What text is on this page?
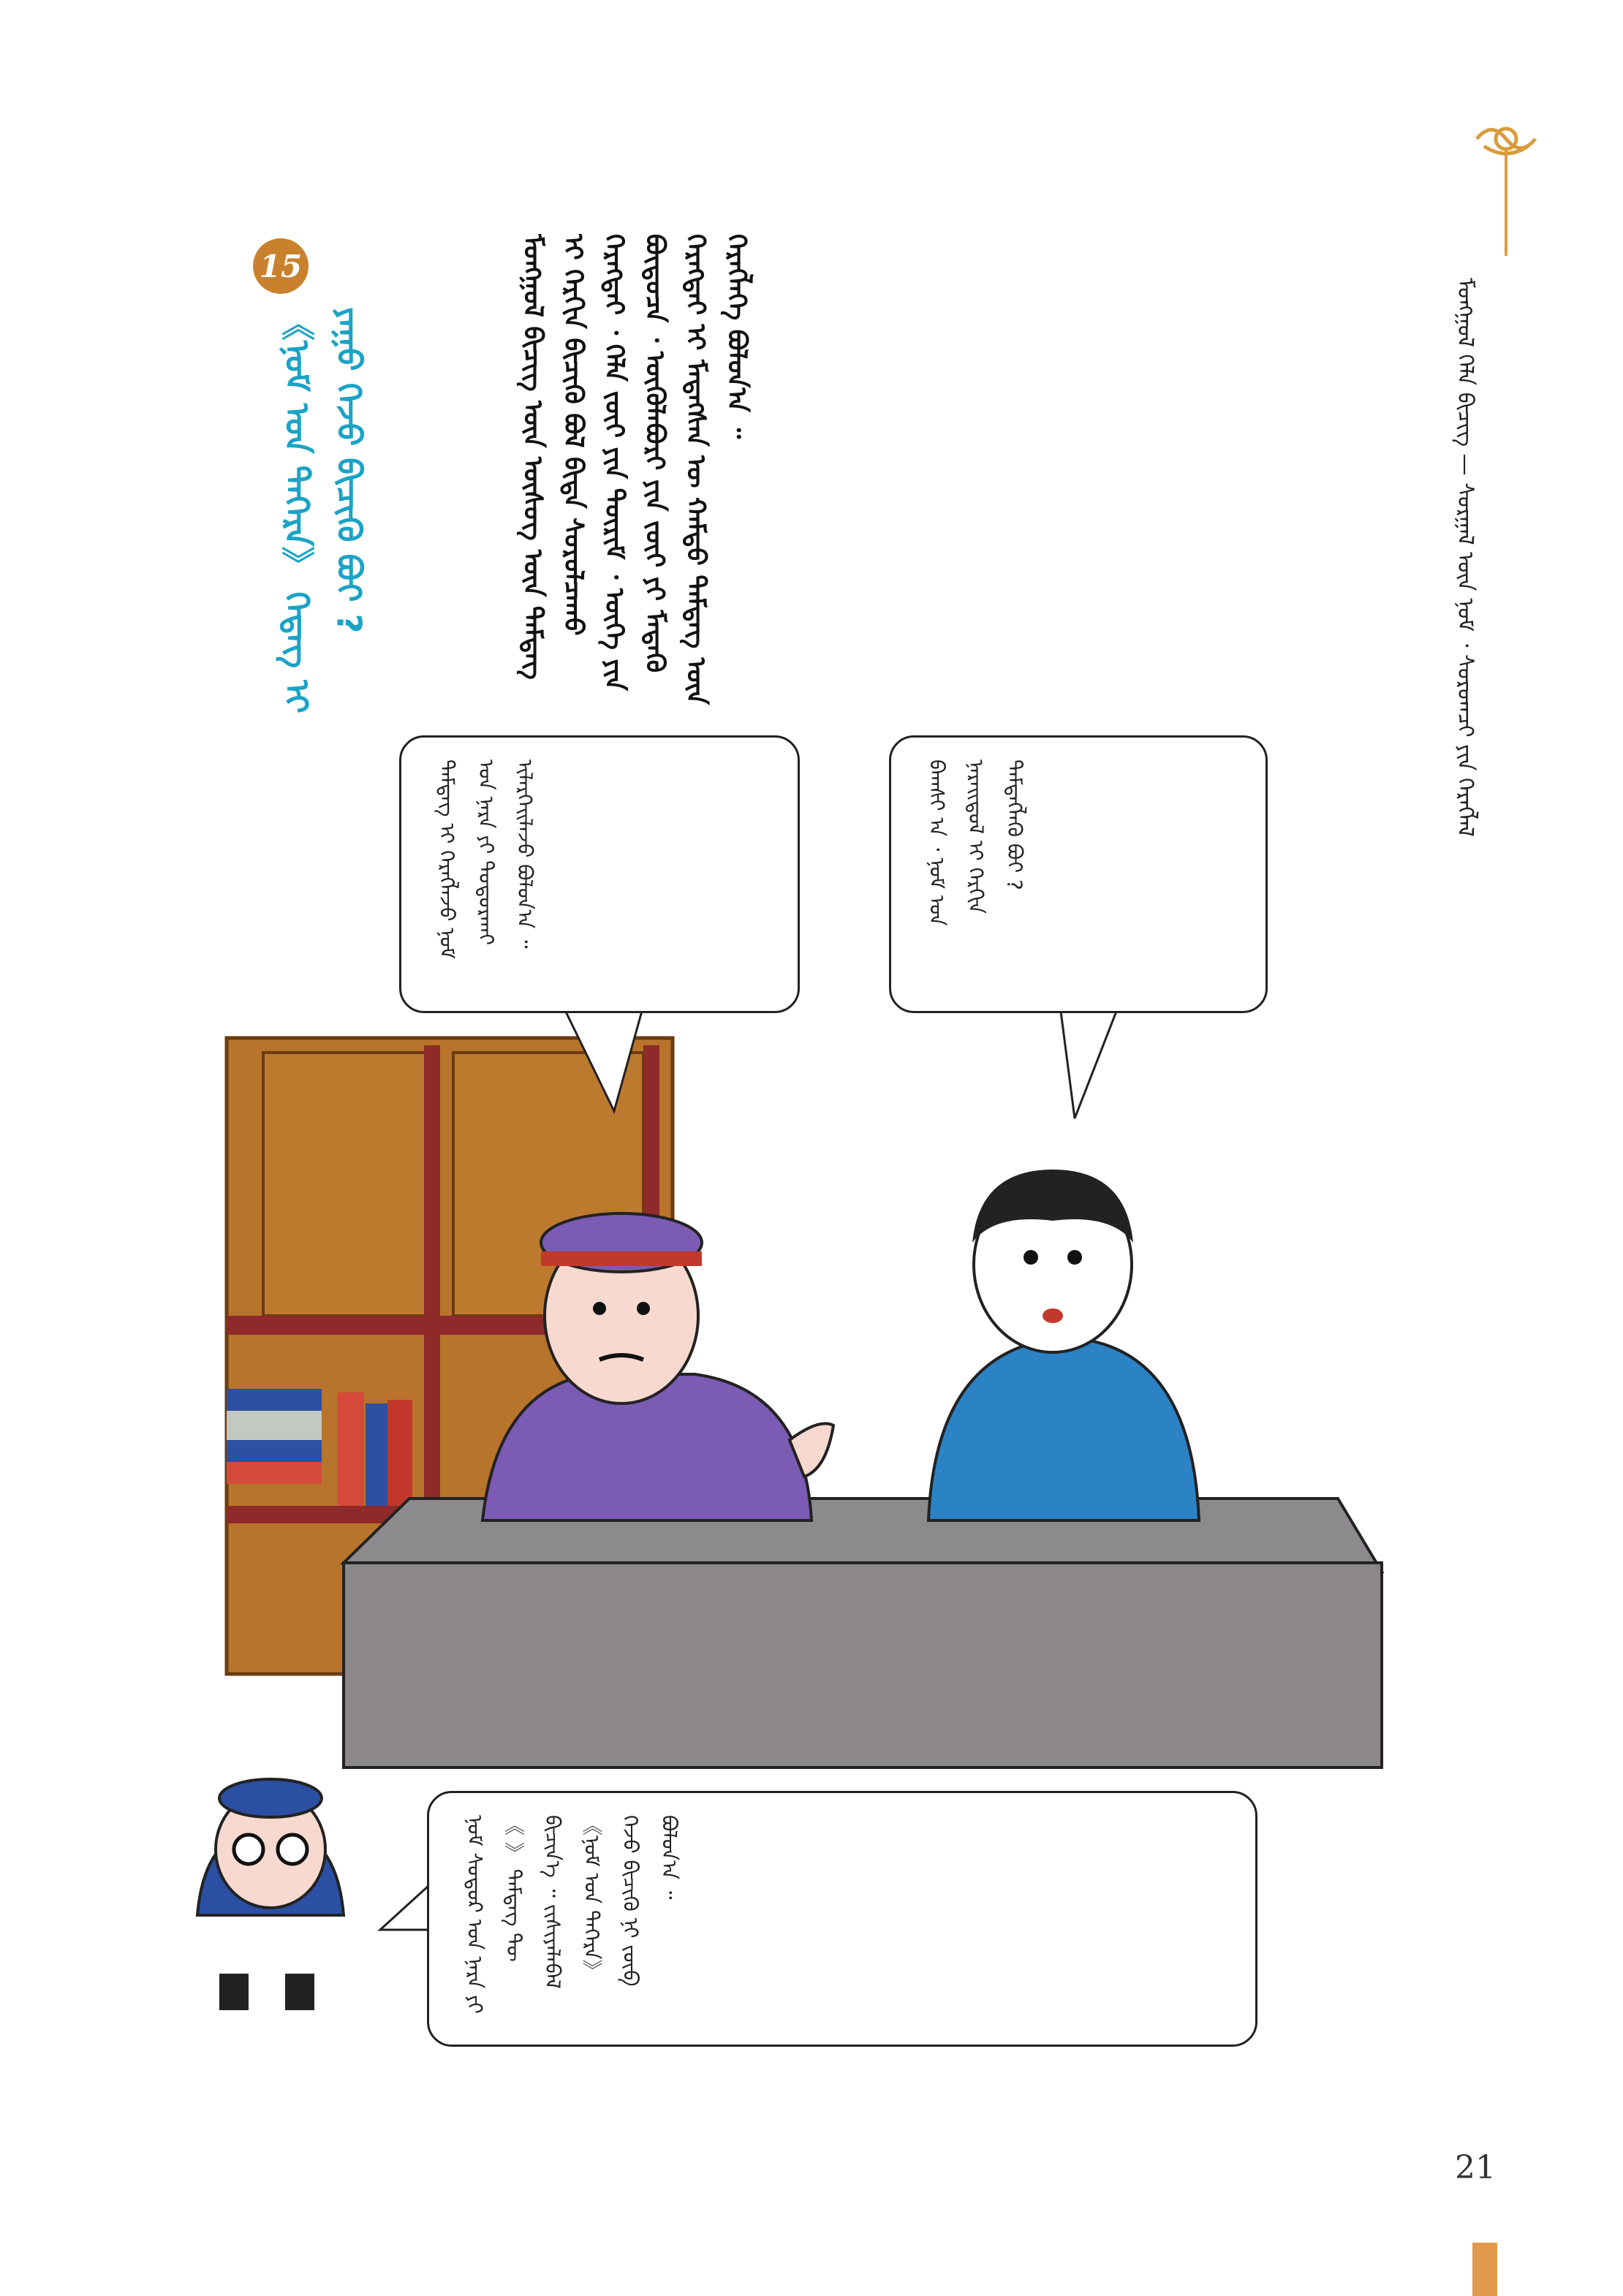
ᠮᠣᠩᠭᠣᠯ ᠬᠡᠯᠡ ᠪᠢᠴᠢᠭ — ᠰᠤᠷᠭᠠᠯ ᠦᠨ ᠨᠣᠮ ᠂ ᠰᠤᠷᠤᠭᠴᠢ ᠶᠢᠨ ᠬᠡᠷᠡᠭᠯᠡᠯ
ᠮᠣᠩᠭᠣᠯ ᠪᠢᠴᠢᠭ ᠦᠨ ᠦᠰᠦᠭ ᠦᠨ ᠲᠡᠮᠳᠡᠭ ᠢ ᠬᠡᠷᠬᠢᠨ ᠪᠢᠴᠢᠬᠦ ᠪᠣᠯ ᠪᠢᠳᠡ ᠰᠤᠷᠤᠯᠴᠠᠬᠤ ᠬᠡᠷᠡᠭᠲᠡᠢ ᠂ ᠬᠡᠯᠡ ᠵᠦᠢ ᠶᠢᠨ ᠳᠦᠷᠢᠮ ᠂ ᠦᠭᠡ ᠶᠢᠨ ᠪᠦᠲᠦᠴᠡ ᠂ ᠥᠭᠦᠯᠡᠪᠦᠷᠢ ᠶᠢᠨ ᠵᠦᠢ ᠶᠢ ᠮᠡᠳᠡᠬᠦ ᠬᠡᠷᠡᠭᠲᠡᠢ ᠢ ᠮᠡᠳᠡᠭᠰᠡᠨ ᠦ ᠬᠠᠮᠲᠤ ᠲᠡᠮᠳᠡᠭ ᠦᠨ ᠬᠡᠷᠡᠭᠯᠡᠭᠡ ᠪᠣᠯᠤᠨ᠎ᠠ ᠃
15
《ᠨᠣᠮ ᠤᠨ ᠳᠡᠭᠡᠷᠡ》 ᠭᠡᠳᠡᠭ ᠢ ᠶᠠᠭᠤ ᠭᠡᠵᠦ ᠪᠢᠴᠢᠬᠦ ᠪᠤᠢ ?
ᠪᠠᠭᠰᠢ ᠠ ᠂ ᠨᠣᠮ ᠤᠨ ᠨᠡᠷᠡᠢᠳᠦᠯ ᠢ ᠬᠡᠷᠬᠢᠨ ᠲᠡᠮᠳᠡᠭᠯᠡᠬᠦ ᠪᠤᠢ ?
ᠲᠡᠮᠳᠡᠭ ᠢ ᠬᠡᠷᠡᠭᠯᠡᠵᠦ ᠨᠣᠮ ᠤᠨ ᠨᠡᠷᠡ ᠶᠢ ᠲᠣᠳᠣᠷᠬᠠᠢ ᠢᠯᠡᠷᠬᠡᠢᠯᠡᠵᠦ ᠪᠣᠯᠣᠨ᠎ᠠ ᠃
ᠨᠣᠮ ᠰᠤᠳᠤᠷ ᠤᠨ ᠨᠡᠷᠡ ᠶᠢ 《 》 ᠲᠡᠮᠳᠡᠭ ᠲᠦ ᠪᠢᠴᠢᠨ᠎ᠡ ᠃ ᠵᠢᠱᠢᠶᠡᠯᠡᠪᠡᠯ 《ᠨᠣᠮ ᠤᠨ ᠳᠡᠭᠡᠷᠡ》 ᠭᠡᠵᠦ ᠪᠢᠴᠢᠬᠦ ᠨᠢ ᠵᠥᠪ ᠪᠣᠯᠤᠨ᠎ᠠ ᠃
21
